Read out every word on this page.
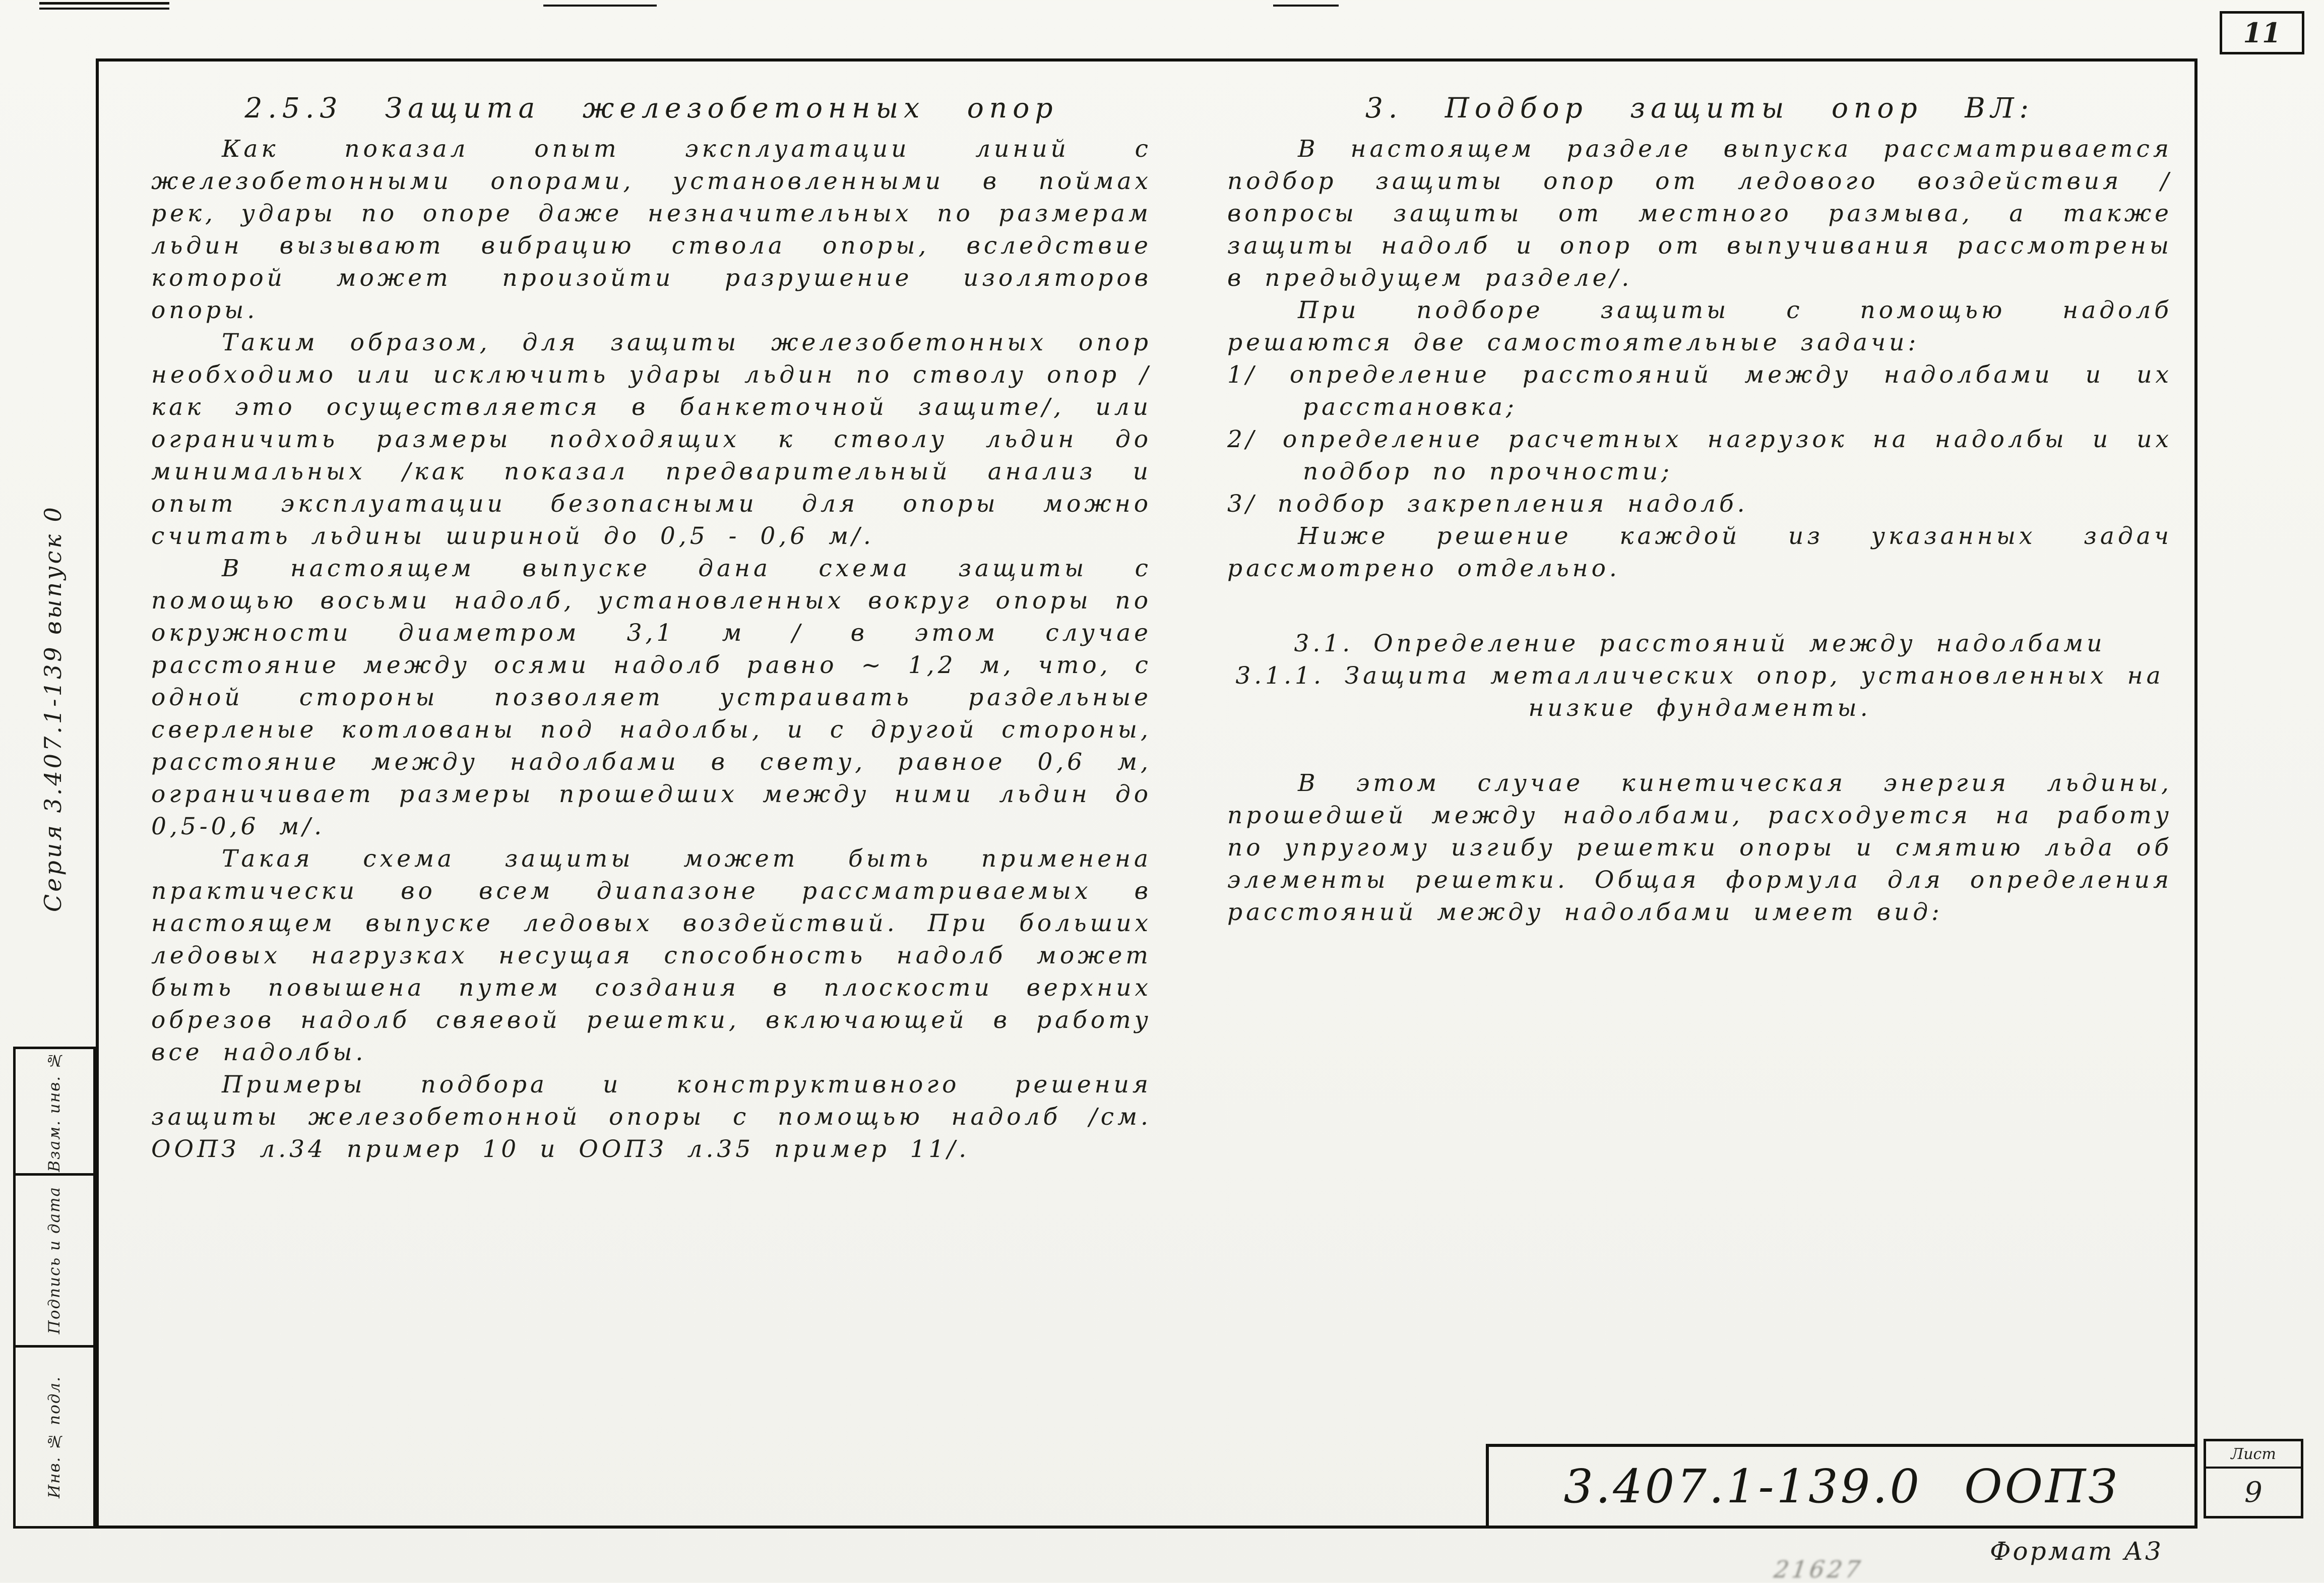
11
Серия 3.407.1-139 выпуск 0
Взам. инв. №
Подпись и дата
Инв. № подл.
2.5.3 Защита железобетонных опор
Как показал опыт эксплуатации линий с железобетонными опорами, установленными в поймах рек, удары по опоре даже незначительных по размерам льдин вызывают вибрацию ствола опоры, вследствие которой может произойти разрушение изоляторов опоры.
Таким образом, для защиты железобетонных опор необходимо или исключить удары льдин по стволу опор /как это осуществляется в банкеточной защите/, или ограничить размеры подходящих к стволу льдин до минимальных /как показал предварительный анализ и опыт эксплуатации безопасными для опоры можно считать льдины шириной до 0,5 - 0,6 м/.
В настоящем выпуске дана схема защиты с помощью восьми надолб, установленных вокруг опоры по окружности диаметром 3,1 м / в этом случае расстояние между осями надолб равно ~ 1,2 м, что, с одной стороны позволяет устраивать раздельные сверленые котлованы под надолбы, и с другой стороны, расстояние между надолбами в свету, равное 0,6 м, ограничивает размеры прошедших между ними льдин до 0,5-0,6 м/.
Такая схема защиты может быть применена практически во всем диапазоне рассматриваемых в настоящем выпуске ледовых воздействий. При больших ледовых нагрузках несущая способность надолб может быть повышена путем создания в плоскости верхних обрезов надолб свяевой решетки, включающей в работу все надолбы.
Примеры подбора и конструктивного решения защиты железобетонной опоры с помощью надолб /см. ООПЗ л.34 пример 10 и ООПЗ л.35 пример 11/.
3. Подбор защиты опор ВЛ:
В настоящем разделе выпуска рассматривается подбор защиты опор от ледового воздействия /вопросы защиты от местного размыва, а также защиты надолб и опор от выпучивания рассмотрены в предыдущем разделе/.
При подборе защиты с помощью надолб решаются две самостоятельные задачи:
1/ определение расстояний между надолбами и их расстановка;
2/ определение расчетных нагрузок на надолбы и их подбор по прочности;
3/ подбор закрепления надолб.
Ниже решение каждой из указанных задач рассмотрено отдельно.
3.1. Определение расстояний между надолбами
3.1.1. Защита металлических опор, установленных на низкие фундаменты.
В этом случае кинетическая энергия льдины, прошедшей между надолбами, расходуется на работу по упругому изгибу решетки опоры и смятию льда об элементы решетки. Общая формула для определения расстояний между надолбами имеет вид:
3.407.1-139.0 ООПЗ
Лист
9
Формат А3
21627
